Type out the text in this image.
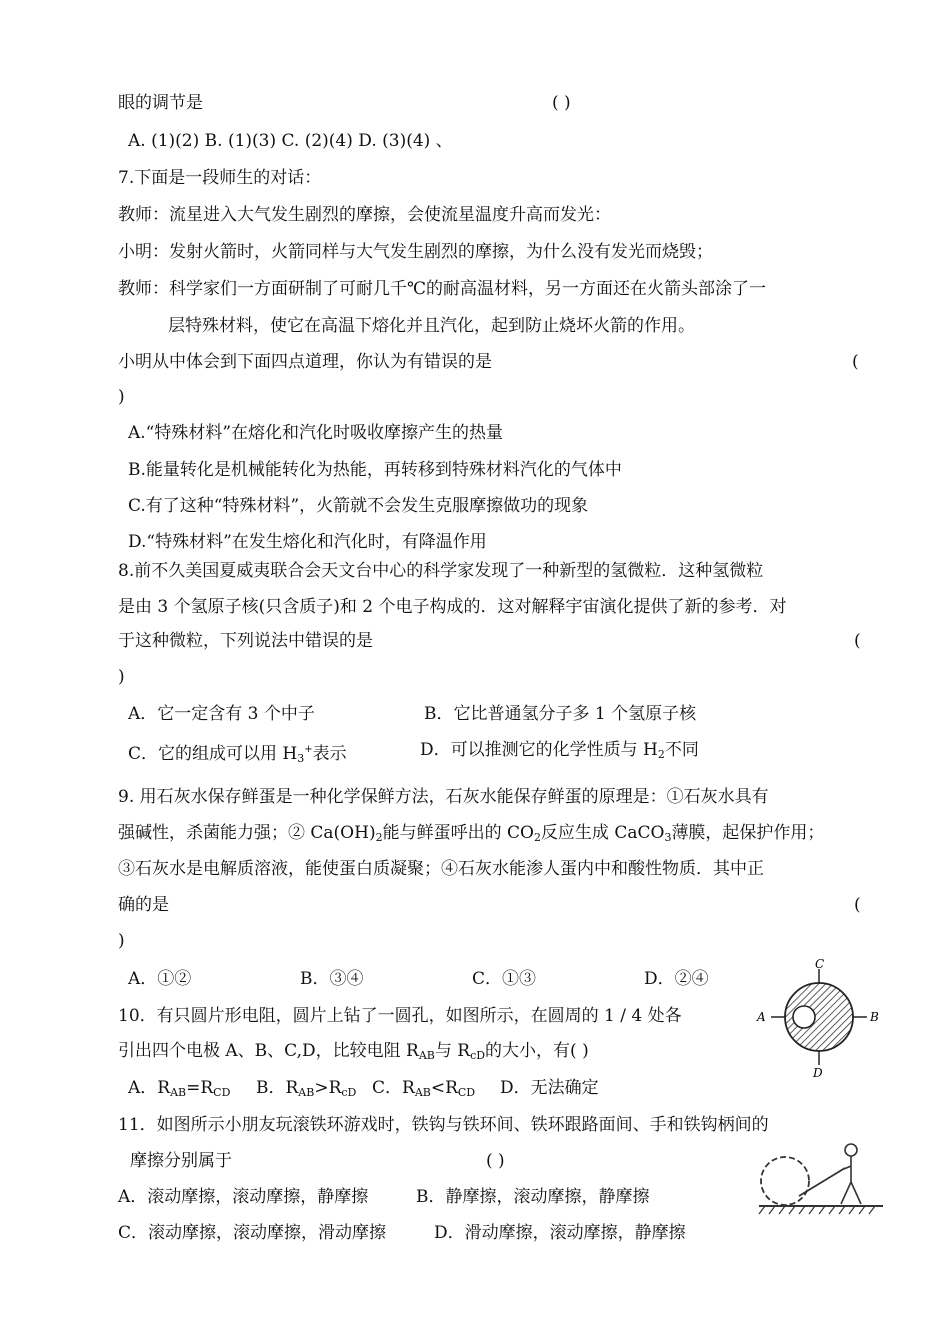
眼的调节是	( )
A. (1)(2) B. (1)(3) C. (2)(4) D. (3)(4) 、
7.下面是一段师生的对话：
教师：流星进入大气发生剧烈的摩擦，会使流星温度升高而发光：
小明：发射火箭时，火箭同样与大气发生剧烈的摩擦，为什么没有发光而烧毁；
教师：科学家们一方面研制了可耐几千℃的耐高温材料，另一方面还在火箭头部涂了一
层特殊材料，使它在高温下熔化并且汽化，起到防止烧坏火箭的作用。
小明从中体会到下面四点道理，你认为有错误的是	(
)
A.“特殊材料”在熔化和汽化时吸收摩擦产生的热量
B.能量转化是机械能转化为热能，再转移到特殊材料汽化的气体中
C.有了这种“特殊材料”，火箭就不会发生克服摩擦做功的现象
D.“特殊材料”在发生熔化和汽化时，有降温作用
8.前不久美国夏威夷联合会天文台中心的科学家发现了一种新型的氢微粒．这种氢微粒
是由 3 个氢原子核(只含质子)和 2 个电子构成的．这对解释宇宙演化提供了新的参考．对
于这种微粒，下列说法中错误的是	(
)
A．它一定含有 3 个中子	B．它比普通氢分子多 1 个氢原子核
C．它的组成可以用 $H_3^+$表示	D．可以推测它的化学性质与 $H_2$不同
9. 用石灰水保存鲜蛋是一种化学保鲜方法，石灰水能保存鲜蛋的原理是：①石灰水具有
强碱性，杀菌能力强；② $Ca(OH)_2$能与鲜蛋呼出的 $CO_2$反应生成 CaCO$_3$薄膜，起保护作用；
③石灰水是电解质溶液，能使蛋白质凝聚；④石灰水能渗人蛋内中和酸性物质．其中正
确的是	(
)
A．①②	B．③④	C．①③	D．②④
10．有只圆片形电阻，圆片上钻了一圆孔，如图所示，在圆周的 1 / 4 处各
引出四个电极 A、B、C,D，比较电阻 $R_{AB}$与 $R_{cD}$的大小，有( )
A．$R_{AB}=R_{CD}$ B．$R_{AB}>R_{cD}$ C．$R_{AB}<R_{CD}$ D．无法确定
C
A	B
D
11．如图所示小朋友玩滚铁环游戏时，铁钩与铁环间、铁环跟路面间、手和铁钩柄间的
摩擦分别属于	( )
A．滚动摩擦，滚动摩擦，静摩擦	B．静摩擦，滚动摩擦，静摩擦
C．滚动摩擦，滚动摩擦，滑动摩擦	D．滑动摩擦，滚动摩擦，静摩擦
